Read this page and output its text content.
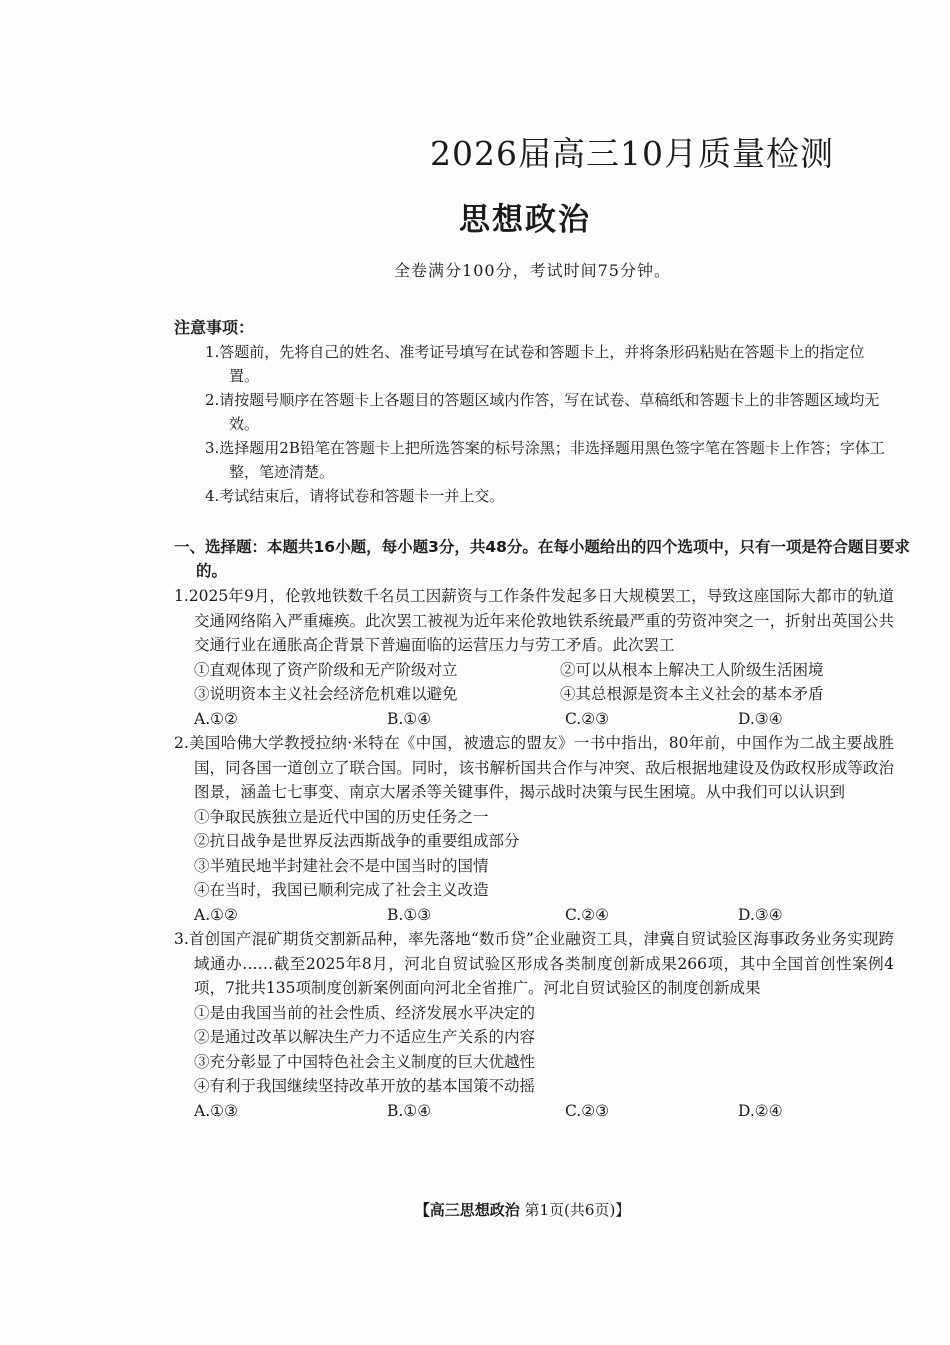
2026届高三10月质量检测
思想政治
全卷满分100分，考试时间75分钟。
注意事项：
1.答题前，先将自己的姓名、准考证号填写在试卷和答题卡上，并将条形码粘贴在答题卡上的指定位置。
2.请按题号顺序在答题卡上各题目的答题区域内作答，写在试卷、草稿纸和答题卡上的非答题区域均无效。
3.选择题用2B铅笔在答题卡上把所选答案的标号涂黑；非选择题用黑色签字笔在答题卡上作答；字体工整，笔迹清楚。
4.考试结束后，请将试卷和答题卡一并上交。
一、选择题：本题共16小题，每小题3分，共48分。在每小题给出的四个选项中，只有一项是符合题目要求的。
1.2025年9月，伦敦地铁数千名员工因薪资与工作条件发起多日大规模罢工，导致这座国际大都市的轨道交通网络陷入严重瘫痪。此次罢工被视为近年来伦敦地铁系统最严重的劳资冲突之一，折射出英国公共交通行业在通胀高企背景下普遍面临的运营压力与劳工矛盾。此次罢工
①直观体现了资产阶级和无产阶级对立	②可以从根本上解决工人阶级生活困境
③说明资本主义社会经济危机难以避免	④其总根源是资本主义社会的基本矛盾
A.①②	B.①④	C.②③	D.③④
2.美国哈佛大学教授拉纳·米特在《中国，被遗忘的盟友》一书中指出，80年前，中国作为二战主要战胜国，同各国一道创立了联合国。同时，该书解析国共合作与冲突、敌后根据地建设及伪政权形成等政治图景，涵盖七七事变、南京大屠杀等关键事件，揭示战时决策与民生困境。从中我们可以认识到
①争取民族独立是近代中国的历史任务之一
②抗日战争是世界反法西斯战争的重要组成部分
③半殖民地半封建社会不是中国当时的国情
④在当时，我国已顺利完成了社会主义改造
A.①②	B.①③	C.②④	D.③④
3.首创国产混矿期货交割新品种，率先落地“数币贷”企业融资工具，津冀自贸试验区海事政务业务实现跨域通办……截至2025年8月，河北自贸试验区形成各类制度创新成果266项，其中全国首创性案例4项，7批共135项制度创新案例面向河北全省推广。河北自贸试验区的制度创新成果
①是由我国当前的社会性质、经济发展水平决定的
②是通过改革以解决生产力不适应生产关系的内容
③充分彰显了中国特色社会主义制度的巨大优越性
④有利于我国继续坚持改革开放的基本国策不动摇
A.①③	B.①④	C.②③	D.②④
【高三思想政治 第1页(共6页)】
